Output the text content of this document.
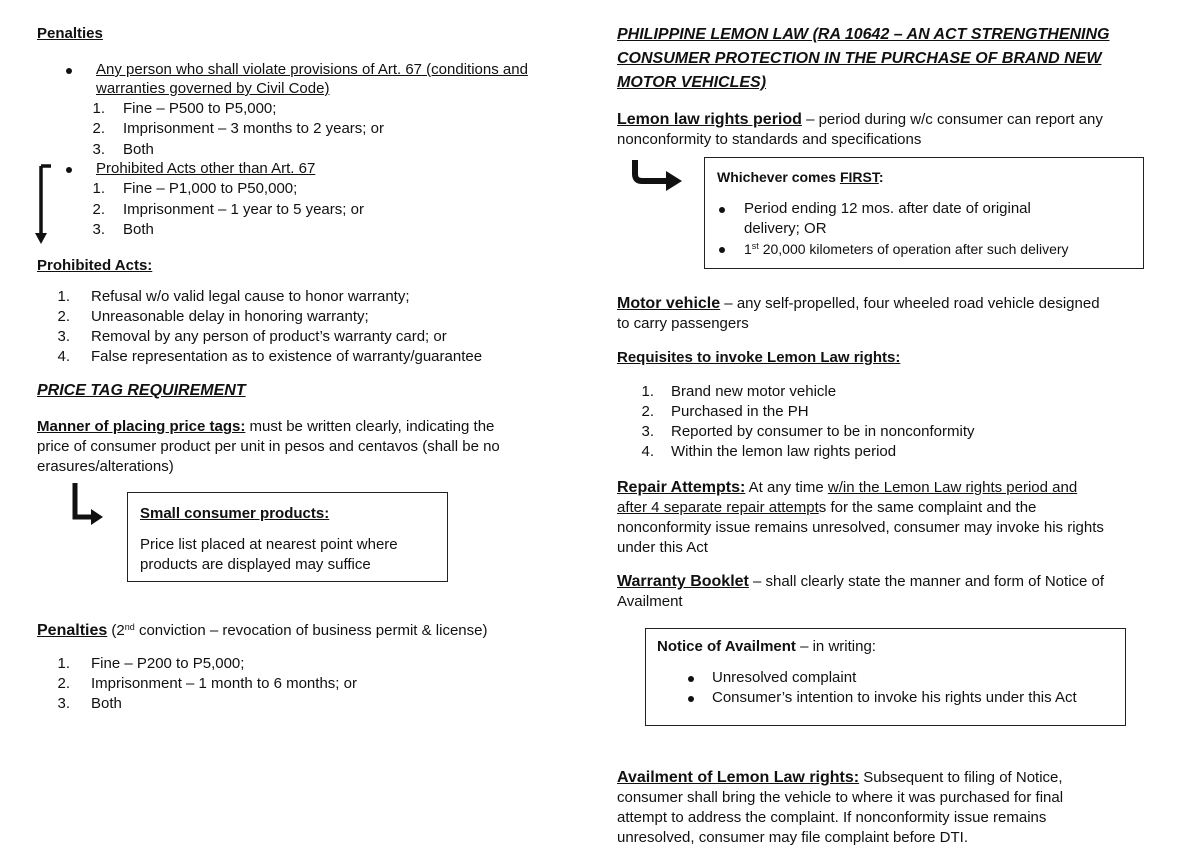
Penalties
Any person who shall violate provisions of Art. 67 (conditions and
warranties governed by Civil Code)
1. Fine – P500 to P5,000;
2. Imprisonment – 3 months to 2 years; or
3. Both
Prohibited Acts other than Art. 67
1. Fine – P1,000 to P50,000;
2. Imprisonment – 1 year to 5 years; or
3. Both
Prohibited Acts:
1. Refusal w/o valid legal cause to honor warranty;
2. Unreasonable delay in honoring warranty;
3. Removal by any person of product’s warranty card; or
4. False representation as to existence of warranty/guarantee
PRICE TAG REQUIREMENT
Manner of placing price tags: must be written clearly, indicating the
price of consumer product per unit in pesos and centavos (shall be no
erasures/alterations)
Small consumer products:
Price list placed at nearest point where
products are displayed may suffice
Penalties (2nd conviction – revocation of business permit & license)
1. Fine – P200 to P5,000;
2. Imprisonment – 1 month to 6 months; or
3. Both
PHILIPPINE LEMON LAW (RA 10642 – AN ACT STRENGTHENING
CONSUMER PROTECTION IN THE PURCHASE OF BRAND NEW
MOTOR VEHICLES)
Lemon law rights period – period during w/c consumer can report any
nonconformity to standards and specifications
Whichever comes FIRST:
Period ending 12 mos. after date of original
delivery; OR
1st 20,000 kilometers of operation after such delivery
Motor vehicle – any self-propelled, four wheeled road vehicle designed
to carry passengers
Requisites to invoke Lemon Law rights:
1. Brand new motor vehicle
2. Purchased in the PH
3. Reported by consumer to be in nonconformity
4. Within the lemon law rights period
Repair Attempts: At any time w/in the Lemon Law rights period and
after 4 separate repair attempts for the same complaint and the
nonconformity issue remains unresolved, consumer may invoke his rights
under this Act
Warranty Booklet – shall clearly state the manner and form of Notice of
Availment
Notice of Availment – in writing:
Unresolved complaint
Consumer’s intention to invoke his rights under this Act
Availment of Lemon Law rights: Subsequent to filing of Notice,
consumer shall bring the vehicle to where it was purchased for final
attempt to address the complaint. If nonconformity issue remains
unresolved, consumer may file complaint before DTI.
